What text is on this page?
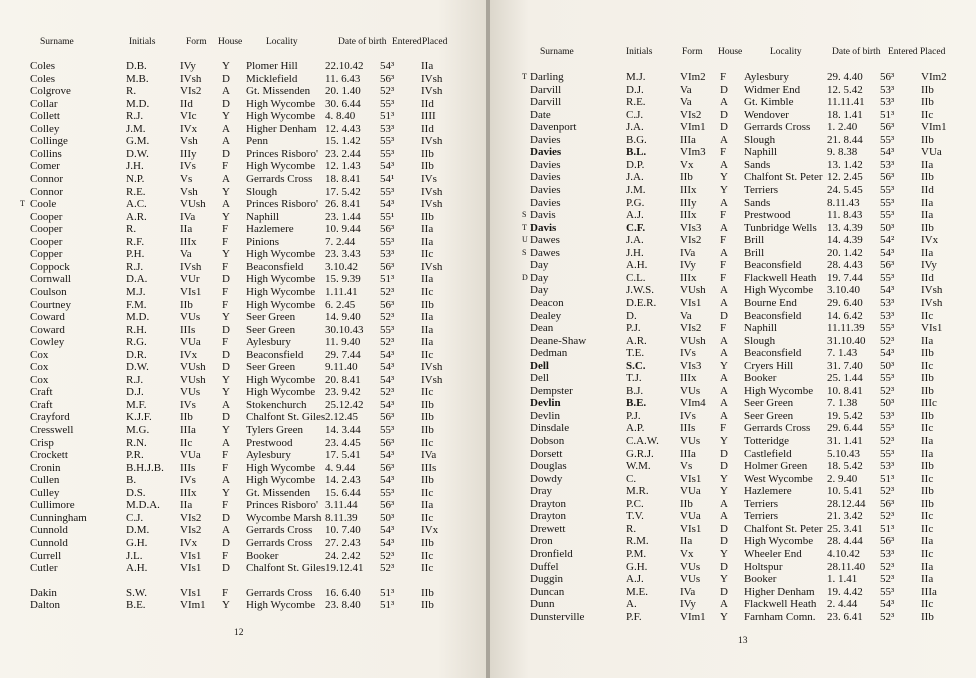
Surname	Initials	Form House Locality	Date of birth Entered Placed
Coles	D.B.	IVy Y Plomer Hill 22.10.42 54³ IIa
Coles	M.B.	IVsh D Micklefield	11. 6.43 56³ IVsh
Colgrove	R.	VIs2 A Gt. Missenden 20. 1.40 52³ IVsh
Collar	M.D.	IId	D High Wycombe 30. 6.44 55³ IId
Collett	R.J.	VIc Y High Wycombe 4. 8.40 51³ IIII
Colley	J.M.	IVx A Higher Denham 12. 4.43 53³ IId
Collinge	G.M.	Vsh A Penn	15. 1.42 55³ IVsh
Collins	D.W.	IIIy D Princes Risboro' 23. 2.44 55³ IIb
Comer	J.H.	IVs F High Wycombe 12. 1.43 54³ IIb
Connor	N.P.	Vs	A Gerrards Cross 18. 8.41 54¹ IVs
Connor	R.E.	Vsh Y Slough	17. 5.42 55³ IVsh
T Coole	A.C.	VUsh A Princes Risboro' 26. 8.41 54³ IVsh
Cooper	A.R.	IVa Y Naphill	23. 1.44 55¹ IIb
Cooper	R.	IIa	F Hazlemere	10. 9.44 56³ IIa
Cooper	R.F.	IIIx F Pinions	7. 2.44 55³ IIa
Copper	P.H.	Va	Y High Wycombe 23. 3.43 53³ IIc
Coppock	R.J.	IVsh F Beaconsfield 3.10.42 56³ IVsh
Cornwall	D.A.	VUr D High Wycombe 15. 9.39 51³ IIa
Coulson	M.J.	VIs1 F High Wycombe 1.11.41 52³ IIc
Courtney	F.M.	IIb	F High Wycombe 6. 2.45 56³ IIb
Coward	M.D.	VUs Y Seer Green	14. 9.40 52³ IIa
Coward	R.H.	IIIs D Seer Green	30.10.43 55³ IIa
Cowley	R.G.	VUa F Aylesbury	11. 9.40 52³ IIa
Cox	D.R.	IVx D Beaconsfield 29. 7.44 54³ IIc
Cox	D.W.	VUsh D Seer Green	9.11.40 54³ IVsh
Cox	R.J.	VUsh Y High Wycombe 20. 8.41 54³ IVsh
Craft	D.J.	VUs Y High Wycombe 23. 9.42 52³ IIc
Craft	M.F.	IVs A Stokenchurch 25.12.42 54³ IIb
Crayford	K.J.F.	IIb	D Chalfont St. Giles 2.12.45 56³ IIb
Cresswell	M.G.	IIIa Y Tylers Green 14. 3.44 55³ IIb
Crisp	R.N.	IIc	A Prestwood	23. 4.45 56³ IIc
Crockett	P.R.	VUa F Aylesbury	17. 5.41 54³ IVa
Cronin	B.H.J.B. IIIs F High Wycombe 4. 9.44 56³ IIIs
Cullen	B.	IVs A High Wycombe 14. 2.43 54³ IIb
Culley	D.S.	IIIx Y Gt. Missenden 15. 6.44 55³ IIc
Cullimore	M.D.A. IIa	F Princes Risboro' 3.11.44 56³ IIa
Cunningham	C.J.	VIs2 D Wycombe Marsh 8.11.39 50³ IIc
Cunnold	D.M.	VIs2 A Gerrards Cross 10. 7.40 54³ IVx
Cunnold	G.H.	IVx D Gerrards Cross 27. 2.43 54³ IIb
Currell	J.L.	VIs1 F Booker	24. 2.42 52³ IIc
Cutler	A.H.	VIs1 D Chalfont St. Giles 19.12.41 52³ IIc
Dakin	S.W.	VIs1 F Gerrards Cross 16. 6.40 51³ IIb
Dalton	B.E.	VIm1 Y High Wycombe 23. 8.40 51³ IIb
12
Surname	Initials	Form House	Locality	Date of birth Entered Placed
T Darling	M.J.	VIm2 F Aylesbury	29. 4.40 56³ VIm2
Darvill	D.J.	Va	D Widmer End 12. 5.42 53³ IIb
Darvill	R.E.	Va	A Gt. Kimble	11.11.41 53³ IIb
Date	C.J.	VIs2 D Wendover	18. 1.41 51³ IIc
Davenport	J.A.	VIm1 D Gerrards Cross 1. 2.40 56³ VIm1
Davies	B.G.	IIIa A Slough	21. 8.44 55³ IIb
Davies	B.L.	VIm3 F Naphill	9. 8.38 54³ VUa
Davies	D.P.	Vx A Sands	13. 1.42 53³ IIa
Davies	J.A.	IIb Y Chalfont St. Peter 12. 2.45 56³ IIb
Davies	J.M.	IIIx Y Terriers	24. 5.45 55³ IId
Davies	P.G.	IIIy A Sands	8.11.43 55³ IIa
S Davis	A.J.	IIIx F Prestwood	11. 8.43 55³ IIa
T Davis	C.F.	VIs3 A Tunbridge Wells 13. 4.39 50³ IIb
U Dawes	J.A.	VIs2 F Brill	14. 4.39 54² IVx
S Dawes	J.H.	IVa A Brill	20. 1.42 54³ IIa
Day	A.H.	IVy F Beaconsfield 28. 4.43 56³ IVy
D Day	C.L.	IIIx F Flackwell Heath 19. 7.44 55³ IId
Day	J.W.S. VUsh A High Wycombe 3.10.40 54³ IVsh
Deacon	D.E.R. VIs1 A Bourne End	29. 6.40 53³ IVsh
Dealey	D.	Va	D Beaconsfield 14. 6.42 53³ IIc
Dean	P.J.	VIs2 F Naphill	11.11.39 55³ VIs1
Deane-Shaw	A.R.	VUsh A Slough	31.10.40 52³ IIa
Dedman	T.E.	IVs A Beaconsfield 7. 1.43 54³ IIb
Dell	S.C.	VIs3 Y Cryers Hill	31. 7.40 50³ IIc
Dell	T.J.	IIIx A Booker	25. 1.44 55³ IIb
Dempster	B.J.	VUs A High Wycombe 10. 8.41 52³ IIb
Devlin	B.E.	VIm4 A Seer Green	7. 1.38 50³ IIIc
Devlin	P.J.	IVs A Seer Green	19. 5.42 53³ IIb
Dinsdale	A.P.	IIIs F Gerrards Cross 29. 6.44 55³ IIc
Dobson	C.A.W. VUs Y Totteridge	31. 1.41 52³ IIa
Dorsett	G.R.J. IIIa D Castlefield	5.10.43 55³ IIa
Douglas	W.M.	Vs	D Holmer Green 18. 5.42 53³ IIb
Dowdy	C.	VIs1 Y West Wycombe 2. 9.40 51³ IIc
Dray	M.R.	VUa Y Hazlemere	10. 5.41 52³ IIb
Drayton	P.C.	IIb A Terriers	28.12.44 56³ IIb
Drayton	T.V.	VUa A Terriers	21. 3.42 52³ IIc
Drewett	R.	VIs1 D Chalfont St. Peter 25. 3.41 51³ IIc
Dron	R.M.	IIa	D High Wycombe 28. 4.44 56³ IIa
Dronfield	P.M.	Vx Y Wheeler End 4.10.42 53³ IIc
Duffel	G.H.	VUs D Holtspur	28.11.40 52³ IIa
Duggin	A.J.	VUs Y Booker	1. 1.41 52³ IIa
Duncan	M.E.	IVa D Higher Denham 19. 4.42 55³ IIIa
Dunn	A.	IVy A Flackwell Heath 2. 4.44 54³ IIc
Dunsterville	P.F.	VIm1 Y Farnham Comn. 23. 6.41 52³ IIb
13
